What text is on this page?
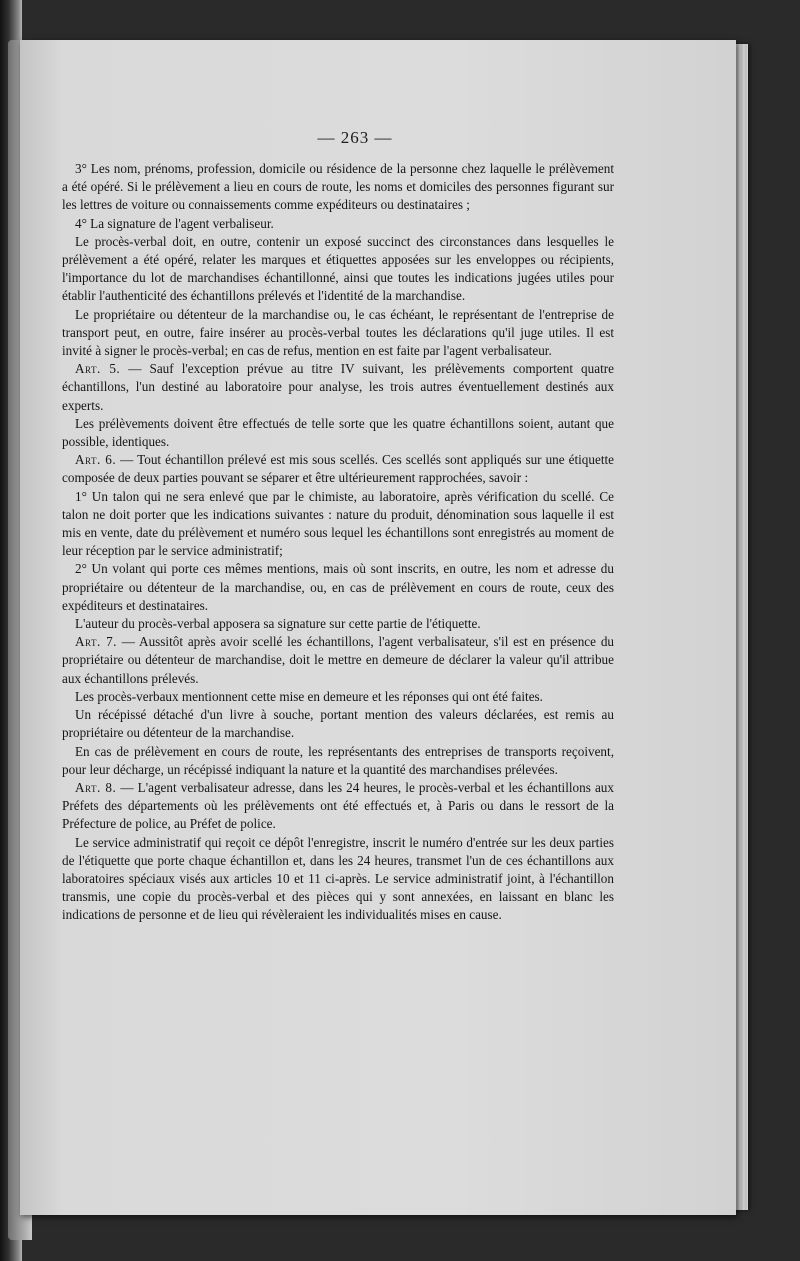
— 263 —

3° Les nom, prénoms, profession, domicile ou résidence de la personne chez laquelle le prélèvement a été opéré. Si le prélèvement a lieu en cours de route, les noms et domiciles des personnes figurant sur les lettres de voiture ou connaissements comme expéditeurs ou destinataires ;

4° La signature de l'agent verbaliseur.

Le procès-verbal doit, en outre, contenir un exposé succinct des circonstances dans lesquelles le prélèvement a été opéré, relater les marques et étiquettes apposées sur les enveloppes ou récipients, l'importance du lot de marchandises échantillonné, ainsi que toutes les indications jugées utiles pour établir l'authenticité des échantillons prélevés et l'identité de la marchandise.

Le propriétaire ou détenteur de la marchandise ou, le cas échéant, le représentant de l'entreprise de transport peut, en outre, faire insérer au procès-verbal toutes les déclarations qu'il juge utiles. Il est invité à signer le procès-verbal; en cas de refus, mention en est faite par l'agent verbalisateur.

Art. 5. — Sauf l'exception prévue au titre IV suivant, les prélèvements comportent quatre échantillons, l'un destiné au laboratoire pour analyse, les trois autres éventuellement destinés aux experts.

Les prélèvements doivent être effectués de telle sorte que les quatre échantillons soient, autant que possible, identiques.

Art. 6. — Tout échantillon prélevé est mis sous scellés. Ces scellés sont appliqués sur une étiquette composée de deux parties pouvant se séparer et être ultérieurement rapprochées, savoir :

1° Un talon qui ne sera enlevé que par le chimiste, au laboratoire, après vérification du scellé. Ce talon ne doit porter que les indications suivantes : nature du produit, dénomination sous laquelle il est mis en vente, date du prélèvement et numéro sous lequel les échantillons sont enregistrés au moment de leur réception par le service administratif;

2° Un volant qui porte ces mêmes mentions, mais où sont inscrits, en outre, les nom et adresse du propriétaire ou détenteur de la marchandise, ou, en cas de prélèvement en cours de route, ceux des expéditeurs et destinataires.

L'auteur du procès-verbal apposera sa signature sur cette partie de l'étiquette.

Art. 7. — Aussitôt après avoir scellé les échantillons, l'agent verbalisateur, s'il est en présence du propriétaire ou détenteur de marchandise, doit le mettre en demeure de déclarer la valeur qu'il attribue aux échantillons prélevés.

Les procès-verbaux mentionnent cette mise en demeure et les réponses qui ont été faites.

Un récépissé détaché d'un livre à souche, portant mention des valeurs déclarées, est remis au propriétaire ou détenteur de la marchandise.

En cas de prélèvement en cours de route, les représentants des entreprises de transports reçoivent, pour leur décharge, un récépissé indiquant la nature et la quantité des marchandises prélevées.

Art. 8. — L'agent verbalisateur adresse, dans les 24 heures, le procès-verbal et les échantillons aux Préfets des départements où les prélèvements ont été effectués et, à Paris ou dans le ressort de la Préfecture de police, au Préfet de police.

Le service administratif qui reçoit ce dépôt l'enregistre, inscrit le numéro d'entrée sur les deux parties de l'étiquette que porte chaque échantillon et, dans les 24 heures, transmet l'un de ces échantillons aux laboratoires spéciaux visés aux articles 10 et 11 ci-après. Le service administratif joint, à l'échantillon transmis, une copie du procès-verbal et des pièces qui y sont annexées, en laissant en blanc les indications de personne et de lieu qui révèleraient les individualités mises en cause.
